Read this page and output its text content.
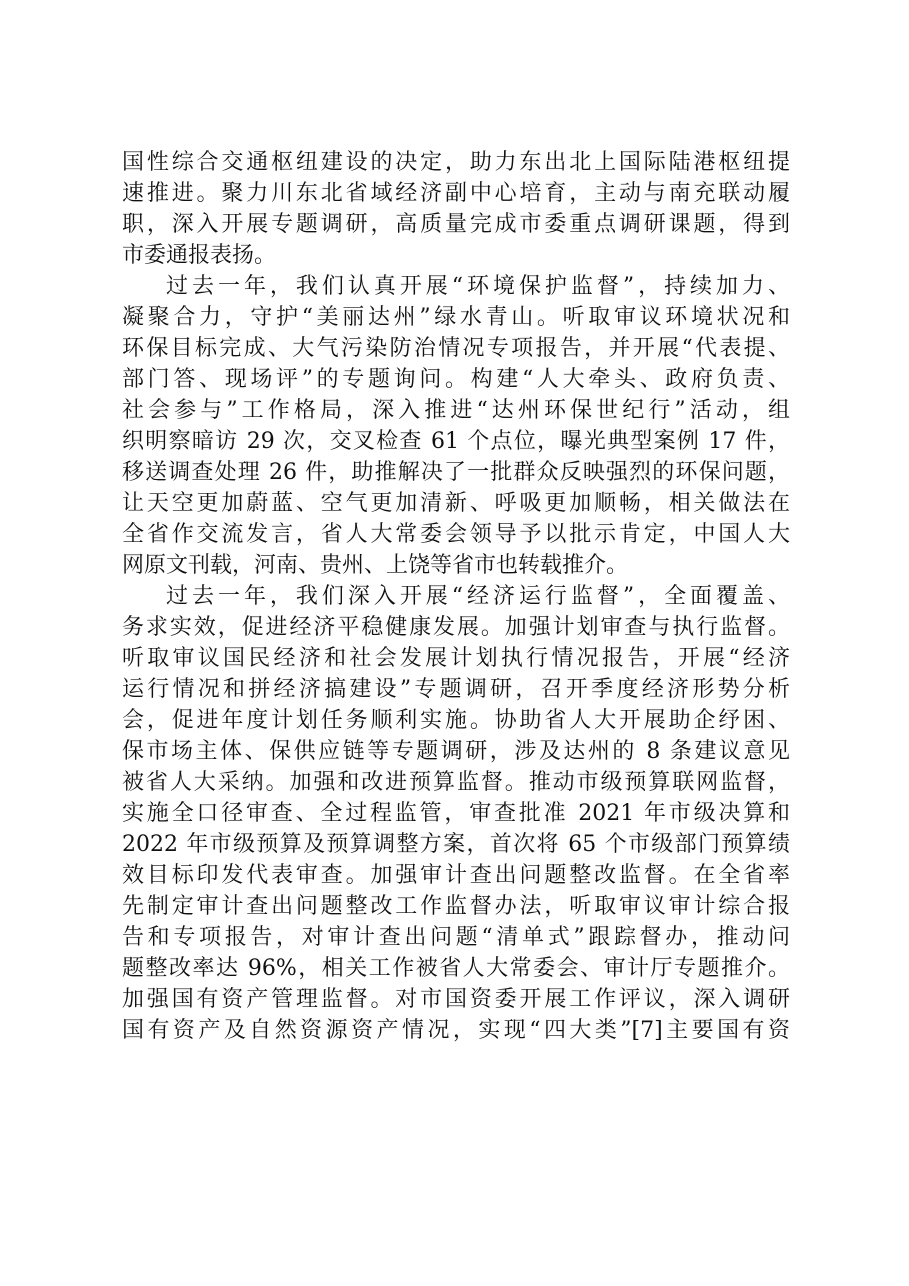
国性综合交通枢纽建设的决定，助力东出北上国际陆港枢纽提
速推进。聚力川东北省域经济副中心培育，主动与南充联动履
职，深入开展专题调研，高质量完成市委重点调研课题，得到
市委通报表扬。
过去一年，我们认真开展“环境保护监督”，持续加力、
凝聚合力，守护“美丽达州”绿水青山。听取审议环境状况和
环保目标完成、大气污染防治情况专项报告，并开展“代表提、
部门答、现场评”的专题询问。构建“人大牵头、政府负责、
社会参与”工作格局，深入推进“达州环保世纪行”活动，组
织明察暗访 29 次，交叉检查 61 个点位，曝光典型案例 17 件，
移送调查处理 26 件，助推解决了一批群众反映强烈的环保问题，
让天空更加蔚蓝、空气更加清新、呼吸更加顺畅，相关做法在
全省作交流发言，省人大常委会领导予以批示肯定，中国人大
网原文刊载，河南、贵州、上饶等省市也转载推介。
过去一年，我们深入开展“经济运行监督”，全面覆盖、
务求实效，促进经济平稳健康发展。加强计划审查与执行监督。
听取审议国民经济和社会发展计划执行情况报告，开展“经济
运行情况和拼经济搞建设”专题调研，召开季度经济形势分析
会，促进年度计划任务顺利实施。协助省人大开展助企纾困、
保市场主体、保供应链等专题调研，涉及达州的 8 条建议意见
被省人大采纳。加强和改进预算监督。推动市级预算联网监督，
实施全口径审查、全过程监管，审查批准 2021 年市级决算和
2022 年市级预算及预算调整方案，首次将 65 个市级部门预算绩
效目标印发代表审查。加强审计查出问题整改监督。在全省率
先制定审计查出问题整改工作监督办法，听取审议审计综合报
告和专项报告，对审计查出问题“清单式”跟踪督办，推动问
题整改率达 96%，相关工作被省人大常委会、审计厅专题推介。
加强国有资产管理监督。对市国资委开展工作评议，深入调研
国有资产及自然资源资产情况，实现“四大类”[7]主要国有资
